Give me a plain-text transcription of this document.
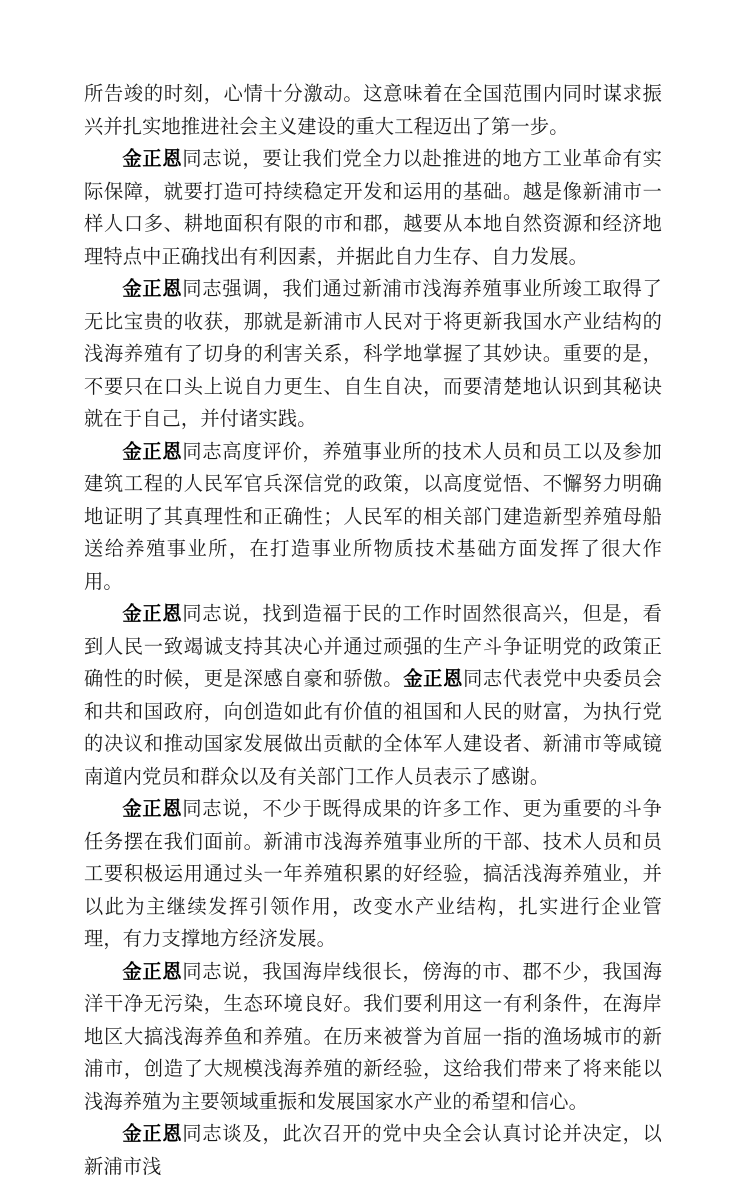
所告竣的时刻，心情十分激动。这意味着在全国范围内同时谋求振兴并扎实地推进社会主义建设的重大工程迈出了第一步。

金正恩同志说，要让我们党全力以赴推进的地方工业革命有实际保障，就要打造可持续稳定开发和运用的基础。越是像新浦市一样人口多、耕地面积有限的市和郡，越要从本地自然资源和经济地理特点中正确找出有利因素，并据此自力生存、自力发展。

金正恩同志强调，我们通过新浦市浅海养殖事业所竣工取得了无比宝贵的收获，那就是新浦市人民对于将更新我国水产业结构的浅海养殖有了切身的利害关系，科学地掌握了其妙诀。重要的是，不要只在口头上说自力更生、自生自决，而要清楚地认识到其秘诀就在于自己，并付诸实践。

金正恩同志高度评价，养殖事业所的技术人员和员工以及参加建筑工程的人民军官兵深信党的政策，以高度觉悟、不懈努力明确地证明了其真理性和正确性；人民军的相关部门建造新型养殖母船送给养殖事业所，在打造事业所物质技术基础方面发挥了很大作用。

金正恩同志说，找到造福于民的工作时固然很高兴，但是，看到人民一致竭诚支持其决心并通过顽强的生产斗争证明党的政策正确性的时候，更是深感自豪和骄傲。金正恩同志代表党中央委员会和共和国政府，向创造如此有价值的祖国和人民的财富，为执行党的决议和推动国家发展做出贡献的全体军人建设者、新浦市等咸镜南道内党员和群众以及有关部门工作人员表示了感谢。

金正恩同志说，不少于既得成果的许多工作、更为重要的斗争任务摆在我们面前。新浦市浅海养殖事业所的干部、技术人员和员工要积极运用通过头一年养殖积累的好经验，搞活浅海养殖业，并以此为主继续发挥引领作用，改变水产业结构，扎实进行企业管理，有力支撑地方经济发展。

金正恩同志说，我国海岸线很长，傍海的市、郡不少，我国海洋干净无污染，生态环境良好。我们要利用这一有利条件，在海岸地区大搞浅海养鱼和养殖。在历来被誉为首屈一指的渔场城市的新浦市，创造了大规模浅海养殖的新经验，这给我们带来了将来能以浅海养殖为主要领域重振和发展国家水产业的希望和信心。

金正恩同志谈及，此次召开的党中央全会认真讨论并决定，以新浦市浅
